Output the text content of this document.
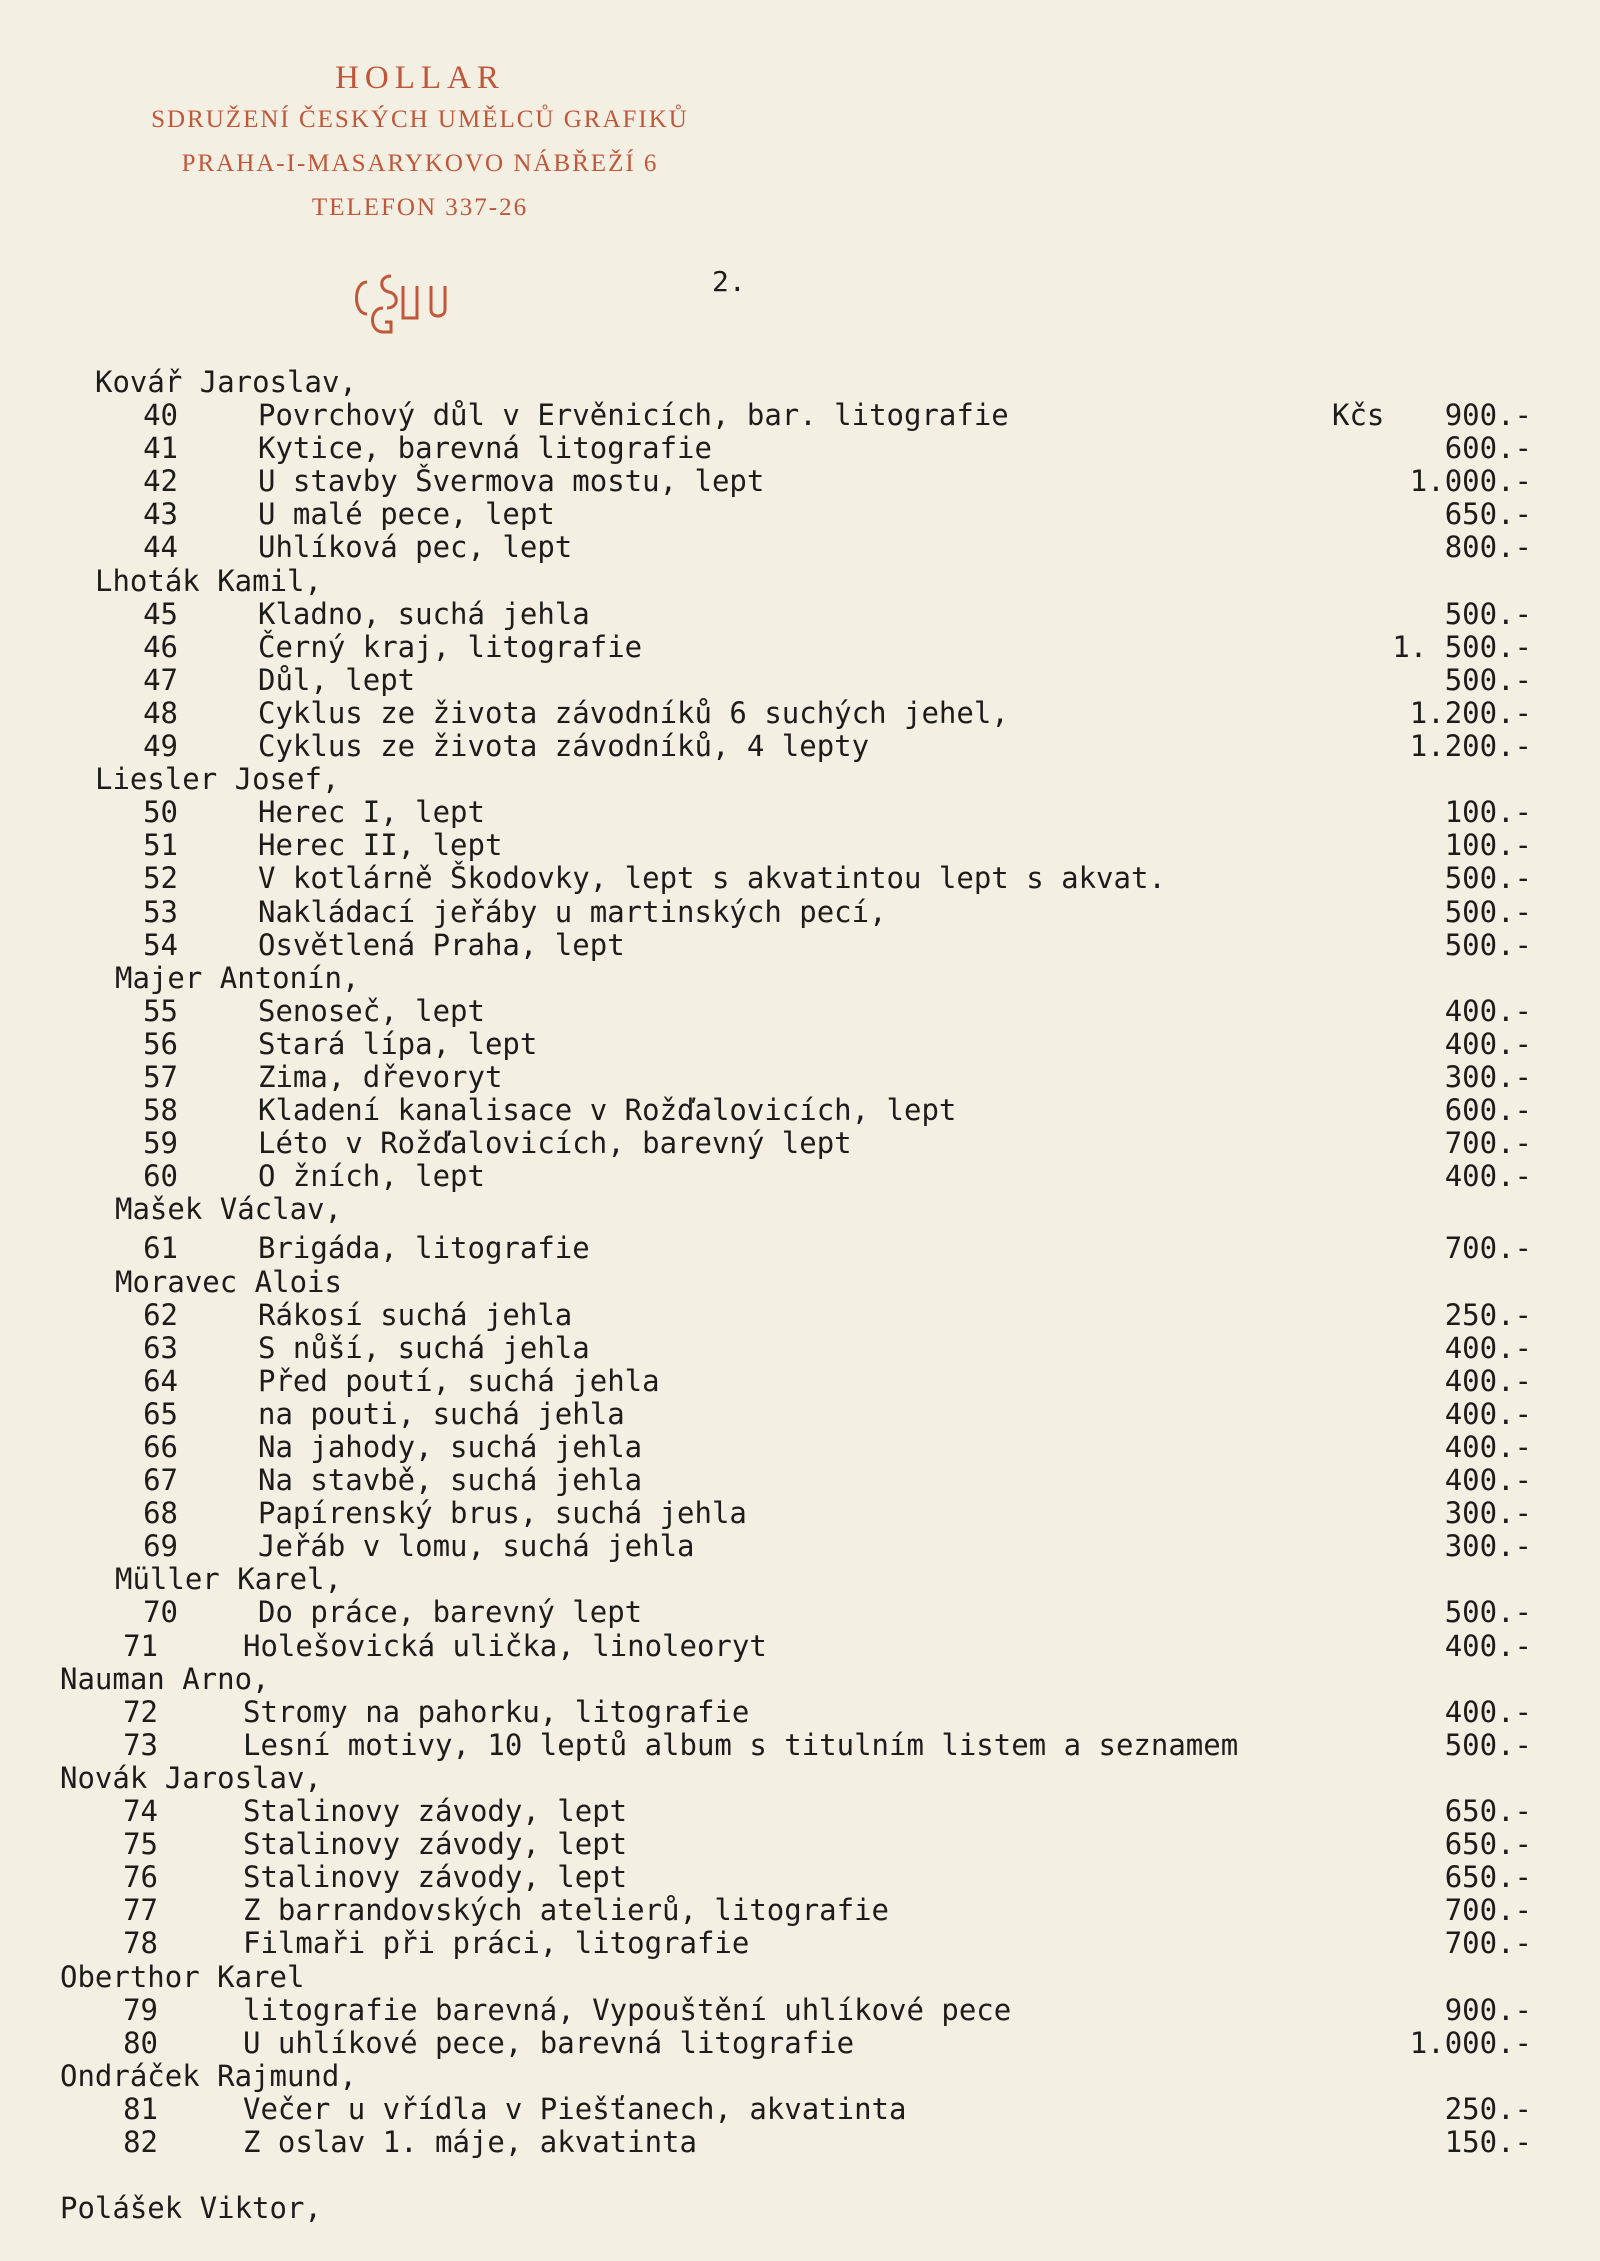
HOLLAR
SDRUŽENÍ ČESKÝCH UMĚLCŮ GRAFIKŮ
PRAHA-I-MASARYKOVO NÁBŘEŽÍ 6
TELEFON 337-26
2.
Kovář Jaroslav,
40	Povrchový důl v Ervěnicích, bar. litografie	Kčs 900.-
41	Kytice, barevná litografie	600.-
42	U stavby Švermova mostu, lept	1.000.-
43	U malé pece, lept	650.-
44	Uhlíková pec, lept	800.-
Lhoták Kamil,
45	Kladno, suchá jehla	500.-
46	Černý kraj, litografie	1. 500.-
47	Důl, lept	500.-
48	Cyklus ze života závodníků 6 suchých jehel,	1.200.-
49	Cyklus ze života závodníků, 4 lepty	1.200.-
Liesler Josef,
50	Herec I, lept	100.-
51	Herec II, lept	100.-
52	V kotlárně Škodovky, lept s akvatintou lept s akvat.	500.-
53	Nakládací jeřáby u martinských pecí,	500.-
54	Osvětlená Praha, lept	500.-
Majer Antonín,
55	Senoseč, lept	400.-
56	Stará lípa, lept	400.-
57	Zima, dřevoryt	300.-
58	Kladení kanalisace v Rožďalovicích, lept	600.-
59	Léto v Rožďalovicích, barevný lept	700.-
60	O žních, lept	400.-
Mašek Václav,
61	Brigáda, litografie	700.-
Moravec Alois
62	Rákosí suchá jehla	250.-
63	S nůší, suchá jehla	400.-
64	Před poutí, suchá jehla	400.-
65	na pouti, suchá jehla	400.-
66	Na jahody, suchá jehla	400.-
67	Na stavbě, suchá jehla	400.-
68	Papírenský brus, suchá jehla	300.-
69	Jeřáb v lomu, suchá jehla	300.-
Müller Karel,
70	Do práce, barevný lept	500.-
71	Holešovická ulička, linoleoryt	400.-
Nauman Arno,
72	Stromy na pahorku, litografie	400.-
73	Lesní motivy, 10 leptů album s titulním listem a seznamem	500.-
Novák Jaroslav,
74	Stalinovy závody, lept	650.-
75	Stalinovy závody, lept	650.-
76	Stalinovy závody, lept	650.-
77	Z barrandovských atelierů, litografie	700.-
78	Filmaři při práci, litografie	700.-
Oberthor Karel
79	litografie barevná, Vypouštění uhlíkové pece	900.-
80	U uhlíkové pece, barevná litografie	1.000.-
Ondráček Rajmund,
81	Večer u vřídla v Piešťanech, akvatinta	250.-
82	Z oslav 1. máje, akvatinta	150.-
Polášek Viktor,
